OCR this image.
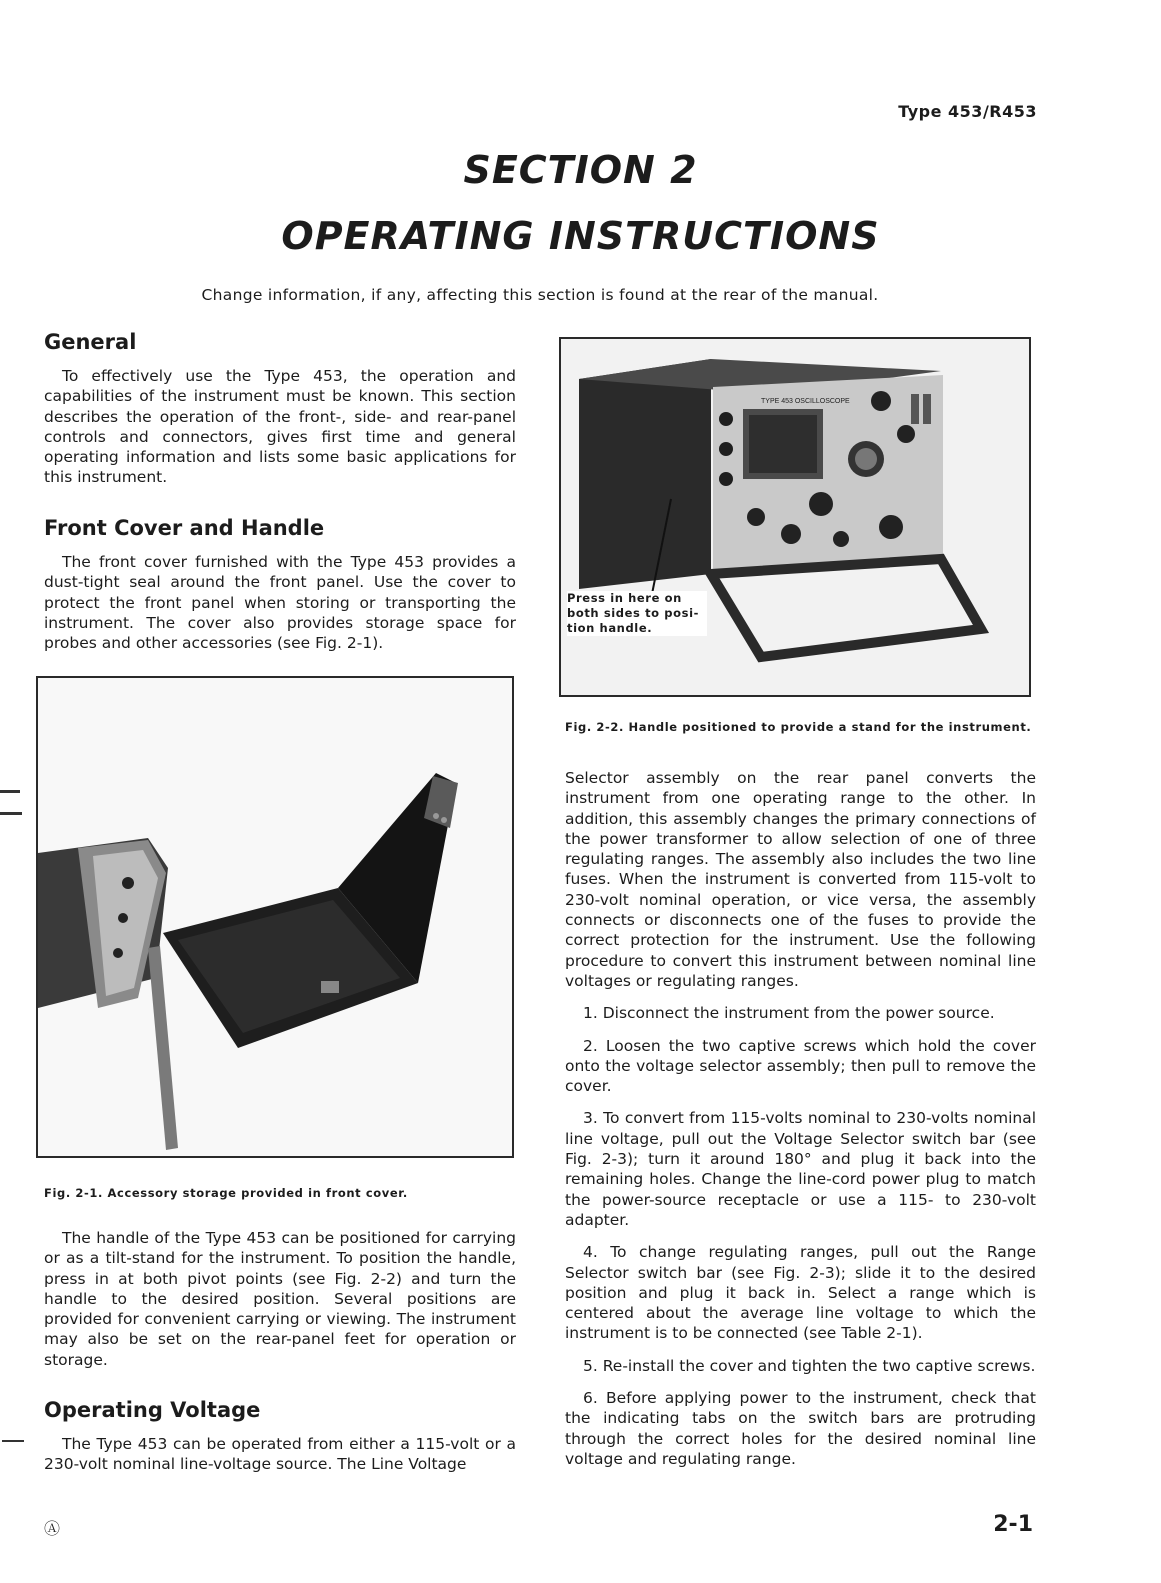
Type 453/R453
SECTION 2
OPERATING INSTRUCTIONS
Change information, if any, affecting this section is found at the rear of the manual.
General

To effectively use the Type 453, the operation and capabilities of the instrument must be known. This section describes the operation of the front-, side- and rear-panel controls and connectors, gives first time and general operating information and lists some basic applications for this instrument.

Front Cover and Handle

The front cover furnished with the Type 453 provides a dust-tight seal around the front panel. Use the cover to protect the front panel when storing or transporting the instrument. The cover also provides storage space for probes and other accessories (see Fig. 2-1).

Fig. 2-1. Accessory storage provided in front cover.

The handle of the Type 453 can be positioned for carrying or as a tilt-stand for the instrument. To position the handle, press in at both pivot points (see Fig. 2-2) and turn the handle to the desired position. Several positions are provided for convenient carrying or viewing. The instrument may also be set on the rear-panel feet for operation or storage.

Operating Voltage

The Type 453 can be operated from either a 115-volt or a 230-volt nominal line-voltage source. The Line Voltage

TYPE 453 OSCILLOSCOPE
Press in here on
both sides to posi-
tion handle.
Fig. 2-2. Handle positioned to provide a stand for the instrument.

Selector assembly on the rear panel converts the instrument from one operating range to the other. In addition, this assembly changes the primary connections of the power transformer to allow selection of one of three regulating ranges. The assembly also includes the two line fuses. When the instrument is converted from 115-volt to 230-volt nominal operation, or vice versa, the assembly connects or disconnects one of the fuses to provide the correct protection for the instrument. Use the following procedure to convert this instrument between nominal line voltages or regulating ranges.

1. Disconnect the instrument from the power source.
2. Loosen the two captive screws which hold the cover onto the voltage selector assembly; then pull to remove the cover.
3. To convert from 115-volts nominal to 230-volts nominal line voltage, pull out the Voltage Selector switch bar (see Fig. 2-3); turn it around 180° and plug it back into the remaining holes. Change the line-cord power plug to match the power-source receptacle or use a 115- to 230-volt adapter.
4. To change regulating ranges, pull out the Range Selector switch bar (see Fig. 2-3); slide it to the desired position and plug it back in. Select a range which is centered about the average line voltage to which the instrument is to be connected (see Table 2-1).
5. Re-install the cover and tighten the two captive screws.
6. Before applying power to the instrument, check that the indicating tabs on the switch bars are protruding through the correct holes for the desired nominal line voltage and regulating range.
Ⓐ	2-1
